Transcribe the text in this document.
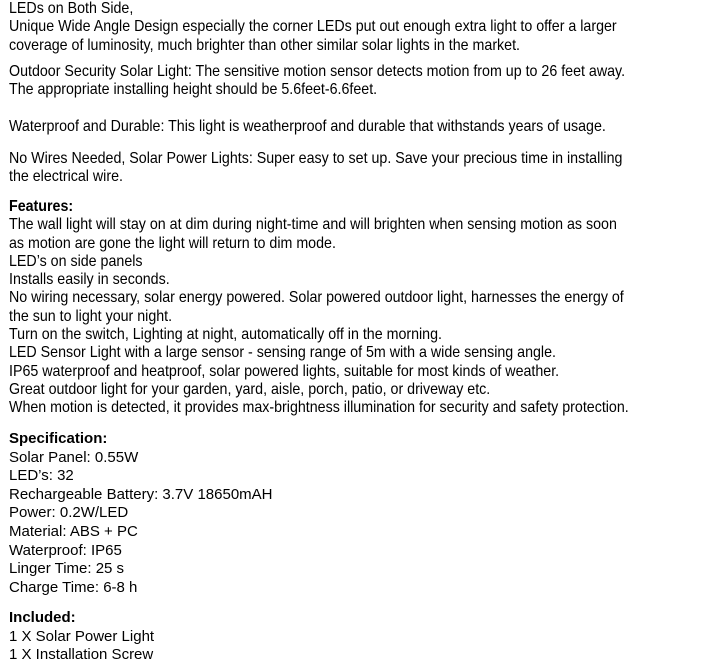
LEDs on Both Side,
Unique Wide Angle Design especially the corner LEDs put out enough extra light to offer a larger
coverage of luminosity, much brighter than other similar solar lights in the market.
Outdoor Security Solar Light: The sensitive motion sensor detects motion from up to 26 feet away.
The appropriate installing height should be 5.6feet-6.6feet.
Waterproof and Durable: This light is weatherproof and durable that withstands years of usage.
No Wires Needed, Solar Power Lights: Super easy to set up. Save your precious time in installing
the electrical wire.
Features:
The wall light will stay on at dim during night-time and will brighten when sensing motion as soon
as motion are gone the light will return to dim mode.
LED’s on side panels
Installs easily in seconds.
No wiring necessary, solar energy powered. Solar powered outdoor light, harnesses the energy of
the sun to light your night.
Turn on the switch, Lighting at night, automatically off in the morning.
LED Sensor Light with a large sensor - sensing range of 5m with a wide sensing angle.
IP65 waterproof and heatproof, solar powered lights, suitable for most kinds of weather.
Great outdoor light for your garden, yard, aisle, porch, patio, or driveway etc.
When motion is detected, it provides max-brightness illumination for security and safety protection.
Specification:
Solar Panel: 0.55W
LED’s: 32
Rechargeable Battery: 3.7V 18650mAH
Power: 0.2W/LED
Material: ABS + PC
Waterproof: IP65
Linger Time: 25 s
Charge Time: 6-8 h
Included:
1 X Solar Power Light
1 X Installation Screw
